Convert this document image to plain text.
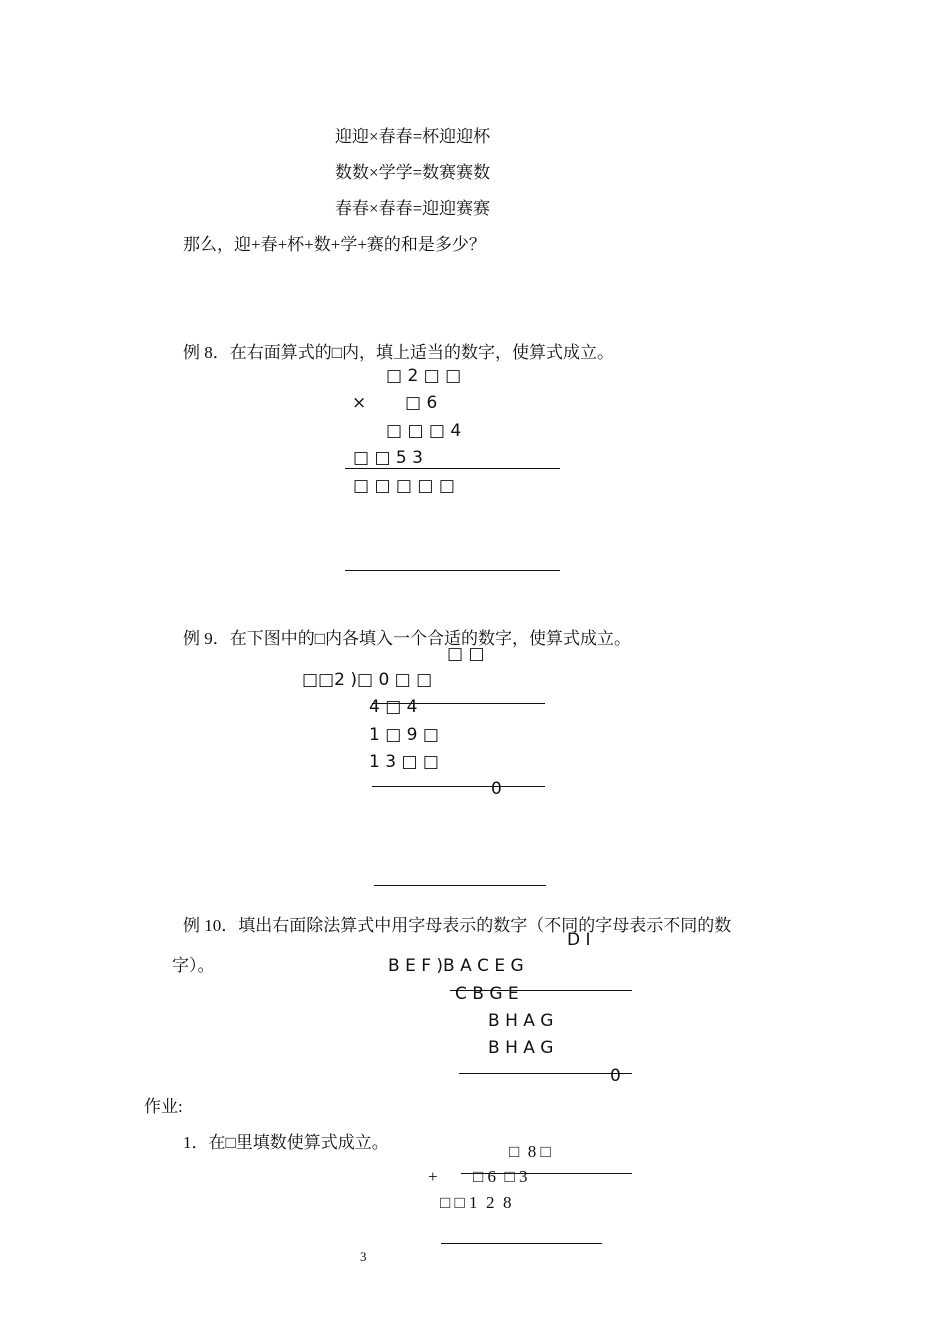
迎迎×春春=杯迎迎杯
数数×学学=数赛赛数
春春×春春=迎迎赛赛
那么，迎+春+杯+数+学+赛的和是多少？
例 8．在右面算式的□内，填上适当的数字，使算式成立。
□ 2 □ □
× □ 6
□ □ □ 4
□ □ 5 3
□ □ □ □ □
例 9．在下图中的□内各填入一个合适的数字，使算式成立。
□ □
□□2 )□ 0 □ □
4 □ 4
1 □ 9 □
1 3 □ □
0
例 10．填出右面除法算式中用字母表示的数字（不同的字母表示不同的数
D I
字）。	B E F )B A C E G
C B G E
B H A G
B H A G
0
作业:
1．在□里填数使算式成立。	□  8 □
+ □ 6  □ 3
□ □ 1  2  8
3
